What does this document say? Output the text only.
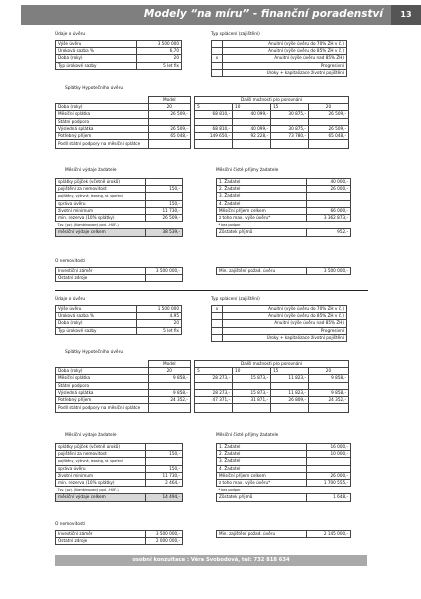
Modely “na míru” - finanční poradenství	13
Údaje o úvěru
Výše úvěru	3 500 000
Úroková sazba %	6,70
Doba (roky)	20
Typ úrokové sazby	5 let fix
Typ splácení (zajištění)
	Anuitní (výše úvěru do 70% ZH v č.)
	Anuitní (výše úvěru do 85% ZH v č.)
x	Anuitní (výše úvěru nad 85% ZH)
	Progresivní
	Úroky + kapitalizace životní pojištění
Splátky Hypotečního úvěru
	Model		Další možnosti pro porovnání			
Doba (roky)	20		5	10	15	20
Měsíční splátka	26 509,-		68 810,-	40 099,-	30 875,-	26 509,-
Státní podpora						
Výsledná splátka	26 509,-		68 810,-	40 099,-	30 875,-	26 509,-
Potřebný příjem	65 048,-		149 650,-	92 228,-	73 780,-	65 048,-
Podíl státní podpory na měsíční splátce						
Měsíční výdaje žadatele
splátky půjček (včetně úroků)	
pojištění za nemovitost	150,-
pojištěny, výživné, leasing, st. spoření	
správa úvěru	150,-
životní minimum	11 730,-
min. rezerva (10% splátky)	26 509,-
Tzv. (pz). (Kombinovaný pod. -HÚF-)	
měsíční výdaje celkem	38 539,-
Měsíční čisté příjmy žadatele
1. Žadatel	40 000,-
2. Žadatel	26 000,-
3. Žadatel	
4. Žadatel	
Měsíční příjem celkem	66 000,-
z toho max. výše úvěru*	3 362 873,-
* bez podpor	
Zůstatek příjmů	952,-
O nemovitosti
Investiční záměr	3 500 000,-
Ostatní zdroje	
Min. zajištění požad. úvěru	3 500 000,-
Údaje o úvěru
Výše úvěru	1 500 000
Úroková sazba %	4,95
Doba (roky)	20
Typ úrokové sazby	5 let fix
Typ splácení (zajištění)
x	Anuitní (výše úvěru do 70% ZH v č.)
	Anuitní (výše úvěru do 85% ZH v č.)
	Anuitní (výše úvěru nad 85% ZH)
	Progresivní
	Úroky + kapitalizace životní pojištění
Splátky Hypotečního úvěru
	Model		Další možnosti pro porovnání			
Doba (roky)	20		5	10	15	20
Měsíční splátka	9 858,-		28 273,-	15 873,-	11 823,-	9 858,-
Státní podpora						
Výsledná splátka	9 858,-		28 273,-	15 873,-	11 823,-	9 858,-
Potřebný příjem	24 352,-		47 371,-	31 871,-	26 809,-	24 352,-
Podíl státní podpory na měsíční splátce						
Měsíční výdaje žadatele
splátky půjček (včetně úroků)	
pojištění za nemovitost	150,-
pojištěny, výživné, leasing, st. spoření	
správa úvěru	150,-
životní minimum	11 730,-
min. rezerva (10% splátky)	2 464,-
Tzv. (pz). (Kombinovaný pod. -HÚF-)	
měsíční výdaje celkem	14 494,-
Měsíční čisté příjmy žadatele
1. Žadatel	16 000,-
2. Žadatel	10 000,-
3. Žadatel	
4. Žadatel	
Měsíční příjem celkem	26 000,-
z toho max. výše úvěru*	1 700 555,-
* bez podpor	
Zůstatek příjmů	1 648,-
O nemovitosti
Investiční záměr	3 500 000,-
Ostatní zdroje	2 000 000,-
Min. zajištění požad. úvěru	2 145 000,-
osobní konzultace : Věra Svobodová, tel: 732 818 634
